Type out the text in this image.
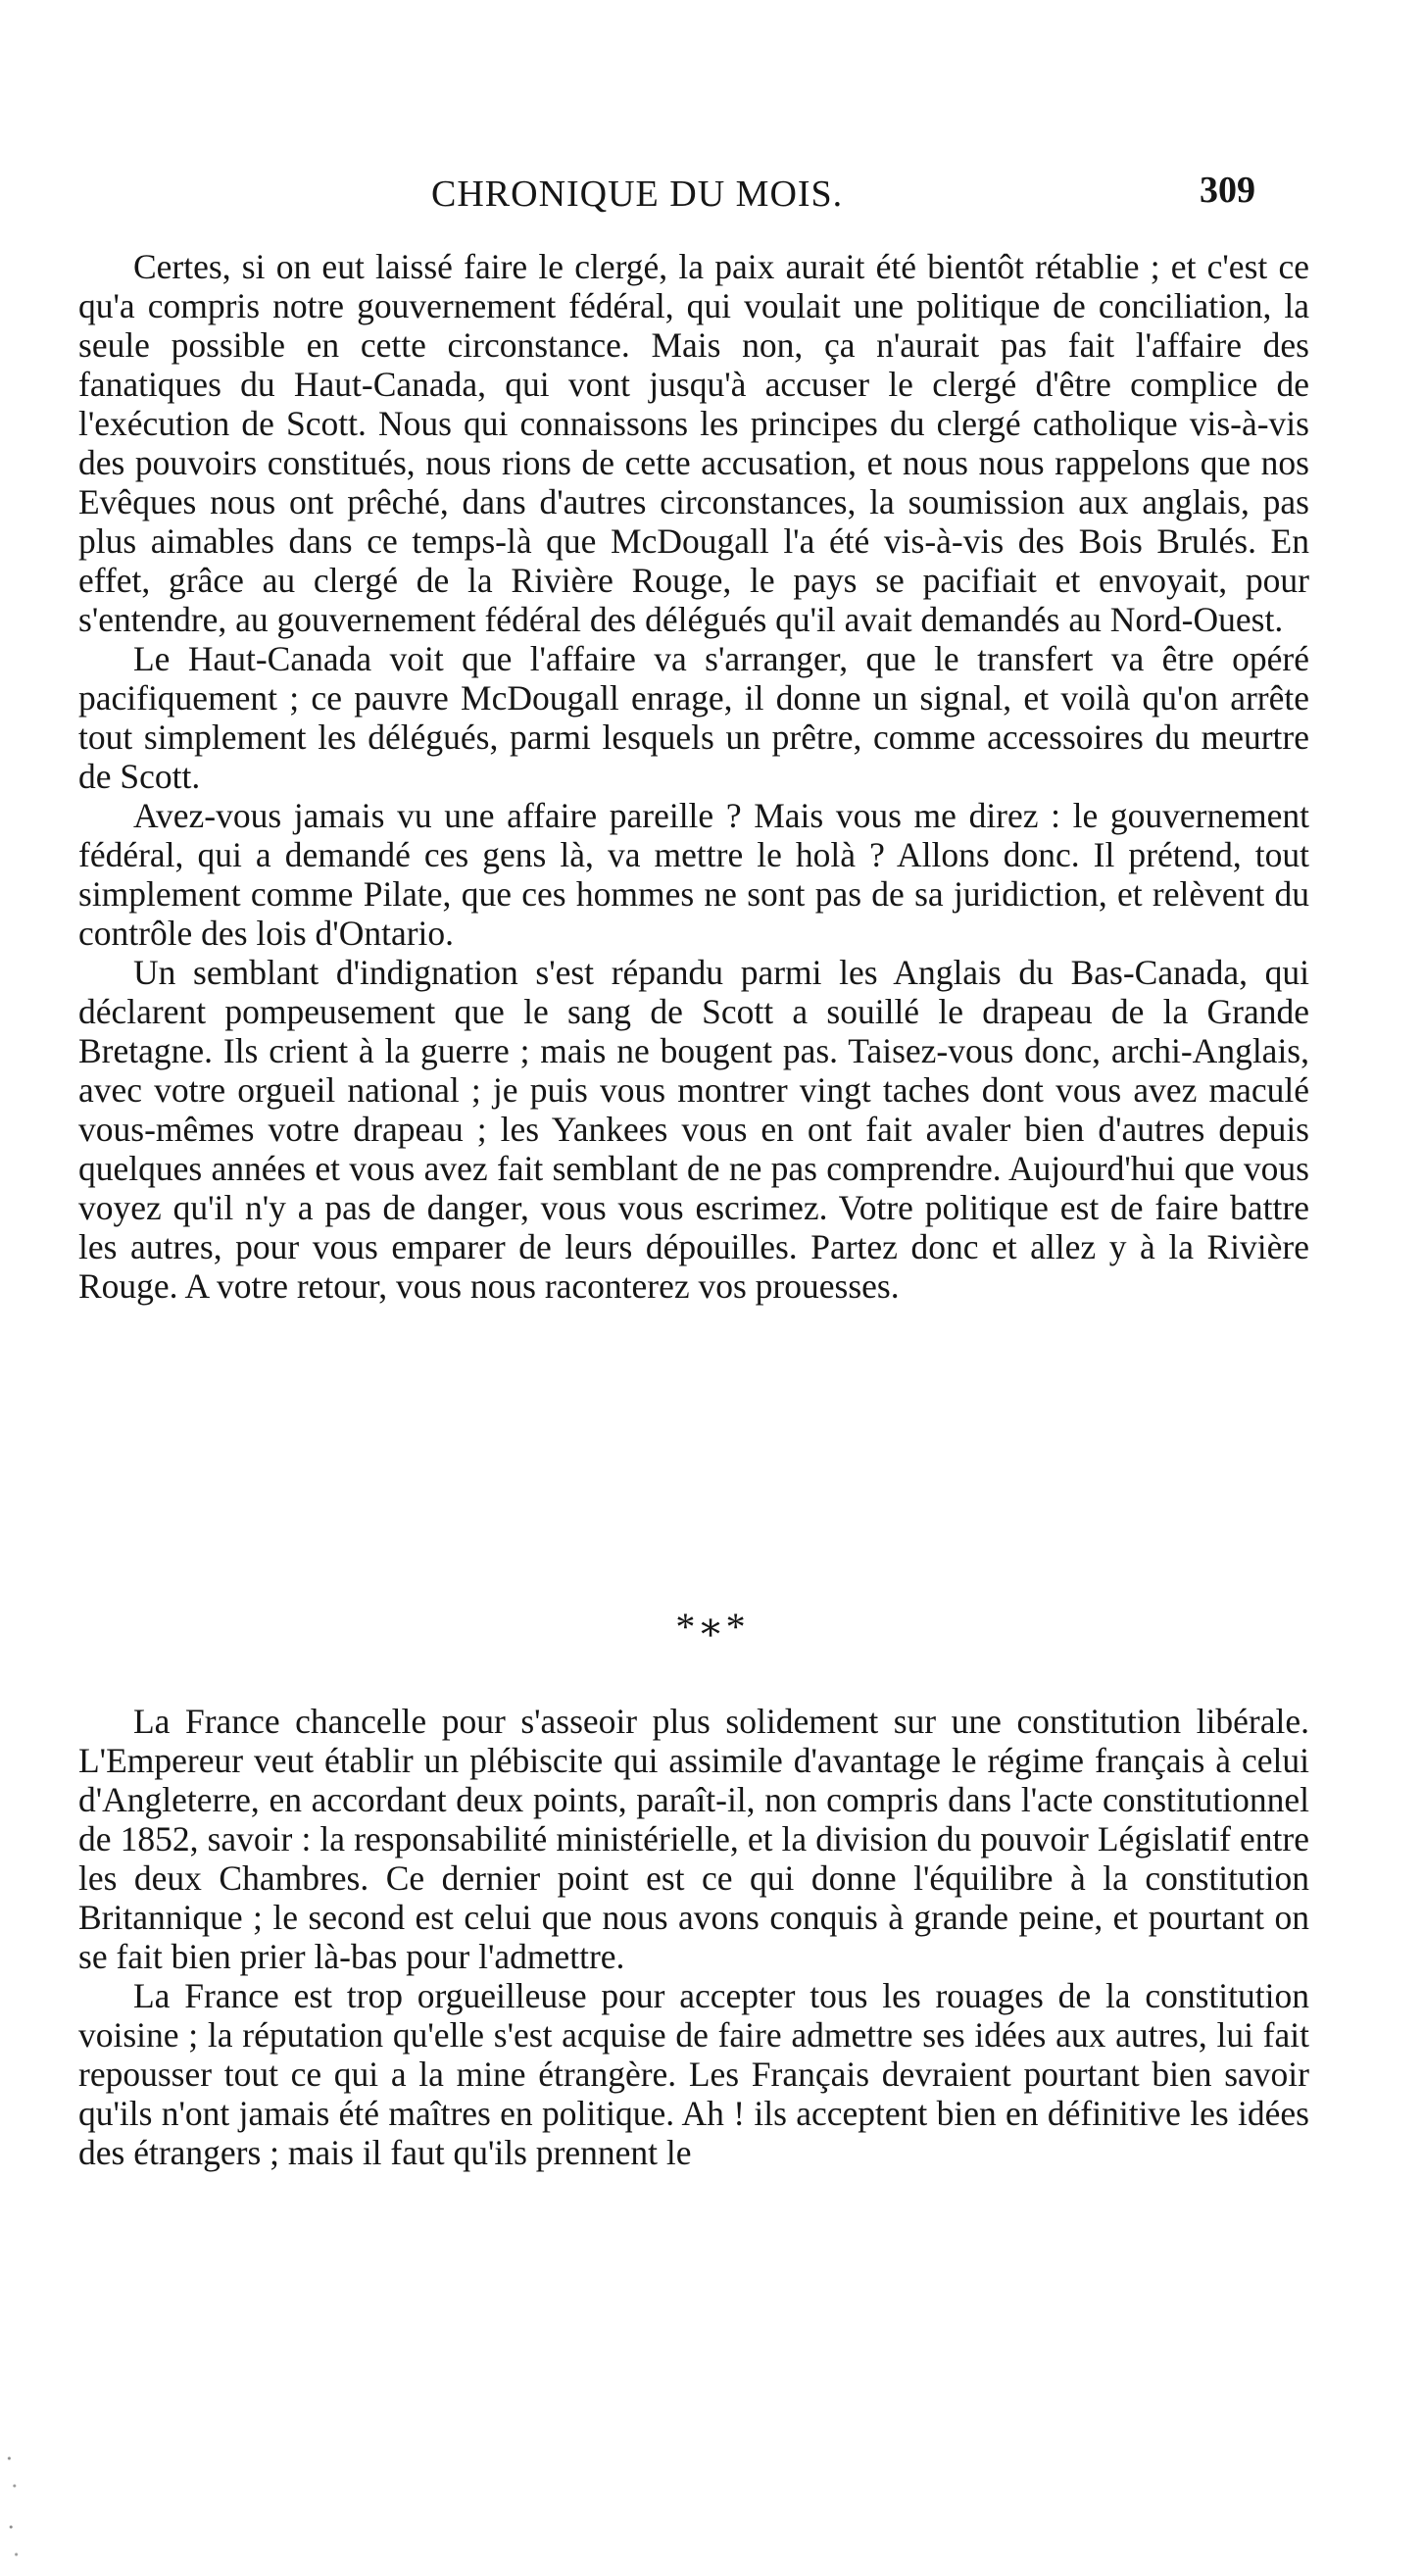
CHRONIQUE DU MOIS.	309

Certes, si on eut laissé faire le clergé, la paix aurait été bientôt rétablie ; et c'est ce qu'a compris notre gouvernement fédéral, qui voulait une politique de conciliation, la seule possible en cette circonstance. Mais non, ça n'aurait pas fait l'affaire des fanatiques du Haut-Canada, qui vont jusqu'à accuser le clergé d'être complice de l'exécution de Scott. Nous qui connaissons les principes du clergé catholique vis-à-vis des pouvoirs constitués, nous rions de cette accusation, et nous nous rappelons que nos Evêques nous ont prêché, dans d'autres circonstances, la soumission aux anglais, pas plus aimables dans ce temps-là que McDougall l'a été vis-à-vis des Bois Brulés. En effet, grâce au clergé de la Rivière Rouge, le pays se pacifiait et envoyait, pour s'entendre, au gouvernement fédéral des délégués qu'il avait demandés au Nord-Ouest.

Le Haut-Canada voit que l'affaire va s'arranger, que le transfert va être opéré pacifiquement ; ce pauvre McDougall enrage, il donne un signal, et voilà qu'on arrête tout simplement les délégués, parmi lesquels un prêtre, comme accessoires du meurtre de Scott.

Avez-vous jamais vu une affaire pareille ? Mais vous me direz : le gouvernement fédéral, qui a demandé ces gens là, va mettre le holà ? Allons donc. Il prétend, tout simplement comme Pilate, que ces hommes ne sont pas de sa juridiction, et relèvent du contrôle des lois d'Ontario.

Un semblant d'indignation s'est répandu parmi les Anglais du Bas-Canada, qui déclarent pompeusement que le sang de Scott a souillé le drapeau de la Grande Bretagne. Ils crient à la guerre ; mais ne bougent pas. Taisez-vous donc, archi-Anglais, avec votre orgueil national ; je puis vous montrer vingt taches dont vous avez maculé vous-mêmes votre drapeau ; les Yankees vous en ont fait avaler bien d'autres depuis quelques années et vous avez fait semblant de ne pas comprendre. Aujourd'hui que vous voyez qu'il n'y a pas de danger, vous vous escrimez. Votre politique est de faire battre les autres, pour vous emparer de leurs dépouilles. Partez donc et allez y à la Rivière Rouge. A votre retour, vous nous raconterez vos prouesses.

*∗*

La France chancelle pour s'asseoir plus solidement sur une constitution libérale. L'Empereur veut établir un plébiscite qui assimile d'avantage le régime français à celui d'Angleterre, en accordant deux points, paraît-il, non compris dans l'acte constitutionnel de 1852, savoir : la responsabilité ministérielle, et la division du pouvoir Législatif entre les deux Chambres. Ce dernier point est ce qui donne l'équilibre à la constitution Britannique ; le second est celui que nous avons conquis à grande peine, et pourtant on se fait bien prier là-bas pour l'admettre.

La France est trop orgueilleuse pour accepter tous les rouages de la constitution voisine ; la réputation qu'elle s'est acquise de faire admettre ses idées aux autres, lui fait repousser tout ce qui a la mine étrangère. Les Français devraient pourtant bien savoir qu'ils n'ont jamais été maîtres en politique. Ah ! ils acceptent bien en définitive les idées des étrangers ; mais il faut qu'ils prennent le
